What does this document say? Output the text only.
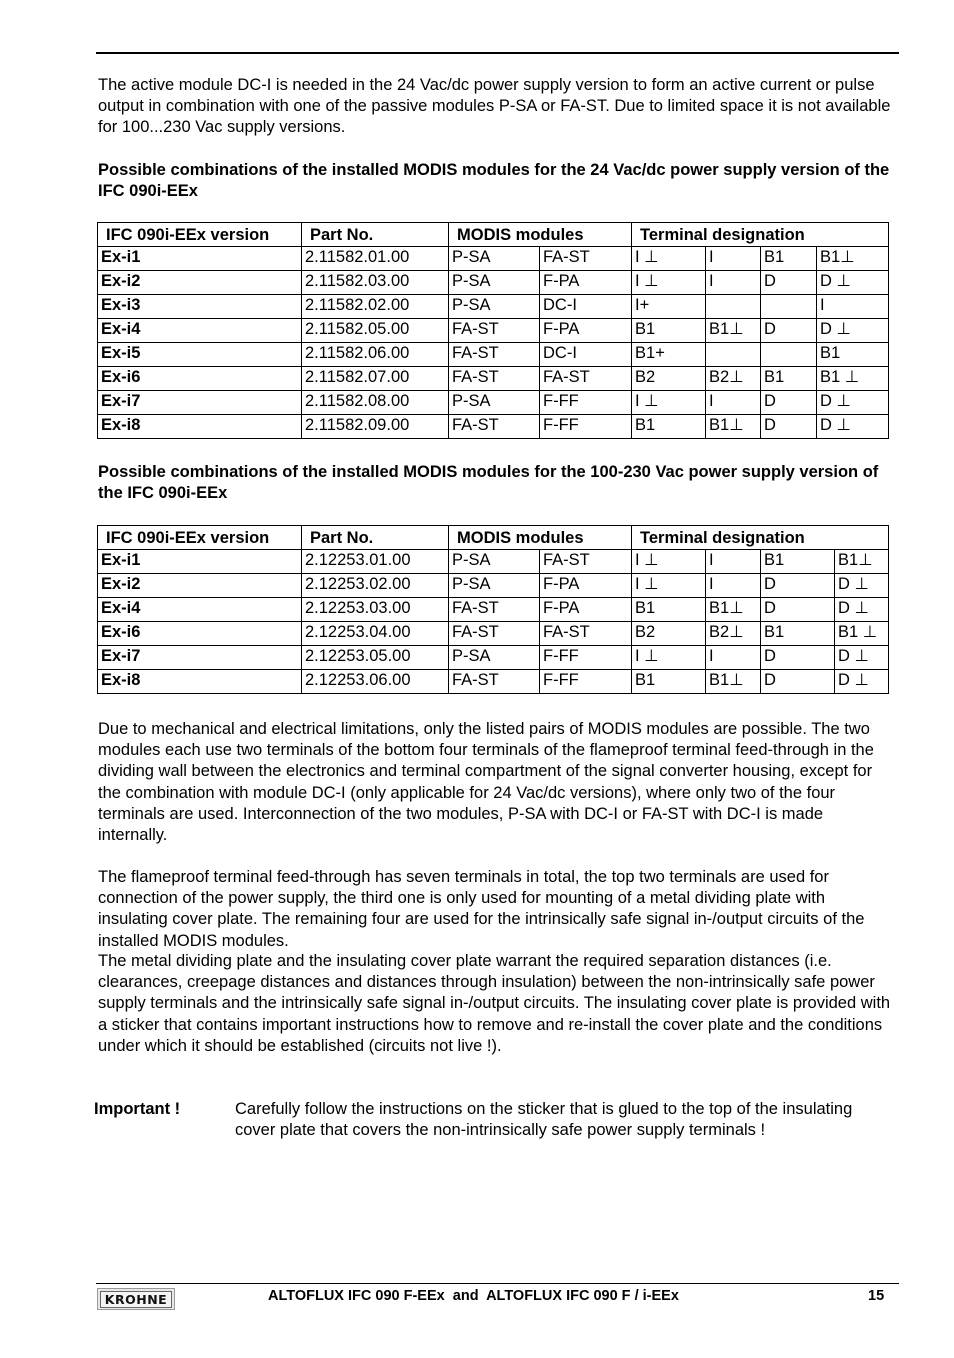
The active module DC-I is needed in the 24 Vac/dc power supply version to form an active current or pulse output in combination with one of the passive modules P-SA or FA-ST. Due to limited space it is not available for 100...230 Vac supply versions.

Possible combinations of the installed MODIS modules for the 24 Vac/dc power supply version of the IFC 090i-EEx

IFC 090i-EEx version	Part No.	MODIS modules		Terminal designation			
Ex-i1	2.11582.01.00	P-SA	FA-ST	I ⊥	I	B1	B1⊥
Ex-i2	2.11582.03.00	P-SA	F-PA	I ⊥	I	D	D ⊥
Ex-i3	2.11582.02.00	P-SA	DC-I	I+			I
Ex-i4	2.11582.05.00	FA-ST	F-PA	B1	B1⊥	D	D ⊥
Ex-i5	2.11582.06.00	FA-ST	DC-I	B1+			B1
Ex-i6	2.11582.07.00	FA-ST	FA-ST	B2	B2⊥	B1	B1 ⊥
Ex-i7	2.11582.08.00	P-SA	F-FF	I ⊥	I	D	D ⊥
Ex-i8	2.11582.09.00	FA-ST	F-FF	B1	B1⊥	D	D ⊥

Possible combinations of the installed MODIS modules for the 100-230 Vac power supply version of the IFC 090i-EEx

IFC 090i-EEx version	Part No.	MODIS modules		Terminal designation			
Ex-i1	2.12253.01.00	P-SA	FA-ST	I ⊥	I	B1	B1⊥
Ex-i2	2.12253.02.00	P-SA	F-PA	I ⊥	I	D	D ⊥
Ex-i4	2.12253.03.00	FA-ST	F-PA	B1	B1⊥	D	D ⊥
Ex-i6	2.12253.04.00	FA-ST	FA-ST	B2	B2⊥	B1	B1 ⊥
Ex-i7	2.12253.05.00	P-SA	F-FF	I ⊥	I	D	D ⊥
Ex-i8	2.12253.06.00	FA-ST	F-FF	B1	B1⊥	D	D ⊥

Due to mechanical and electrical limitations, only the listed pairs of MODIS modules are possible. The two modules each use two terminals of the bottom four terminals of the flameproof terminal feed-through in the dividing wall between the electronics and terminal compartment of the signal converter housing, except for the combination with module DC-I (only applicable for 24 Vac/dc versions), where only two of the four terminals are used. Interconnection of the two modules, P-SA with DC-I or FA-ST with DC-I is made internally.

The flameproof terminal feed-through has seven terminals in total, the top two terminals are used for connection of the power supply, the third one is only used for mounting of a metal dividing plate with insulating cover plate. The remaining four are used for the intrinsically safe signal in-/output circuits of the installed MODIS modules.

The metal dividing plate and the insulating cover plate warrant the required separation distances (i.e. clearances, creepage distances and distances through insulation) between the non-intrinsically safe power supply terminals and the intrinsically safe signal in-/output circuits. The insulating cover plate is provided with a sticker that contains important instructions how to remove and re-install the cover plate and the conditions under which it should be established (circuits not live !).

Important !	Carefully follow the instructions on the sticker that is glued to the top of the insulating cover plate that covers the non-intrinsically safe power supply terminals !

KROHNE	ALTOFLUX IFC 090 F-EEx  and  ALTOFLUX IFC 090 F / i-EEx	15
